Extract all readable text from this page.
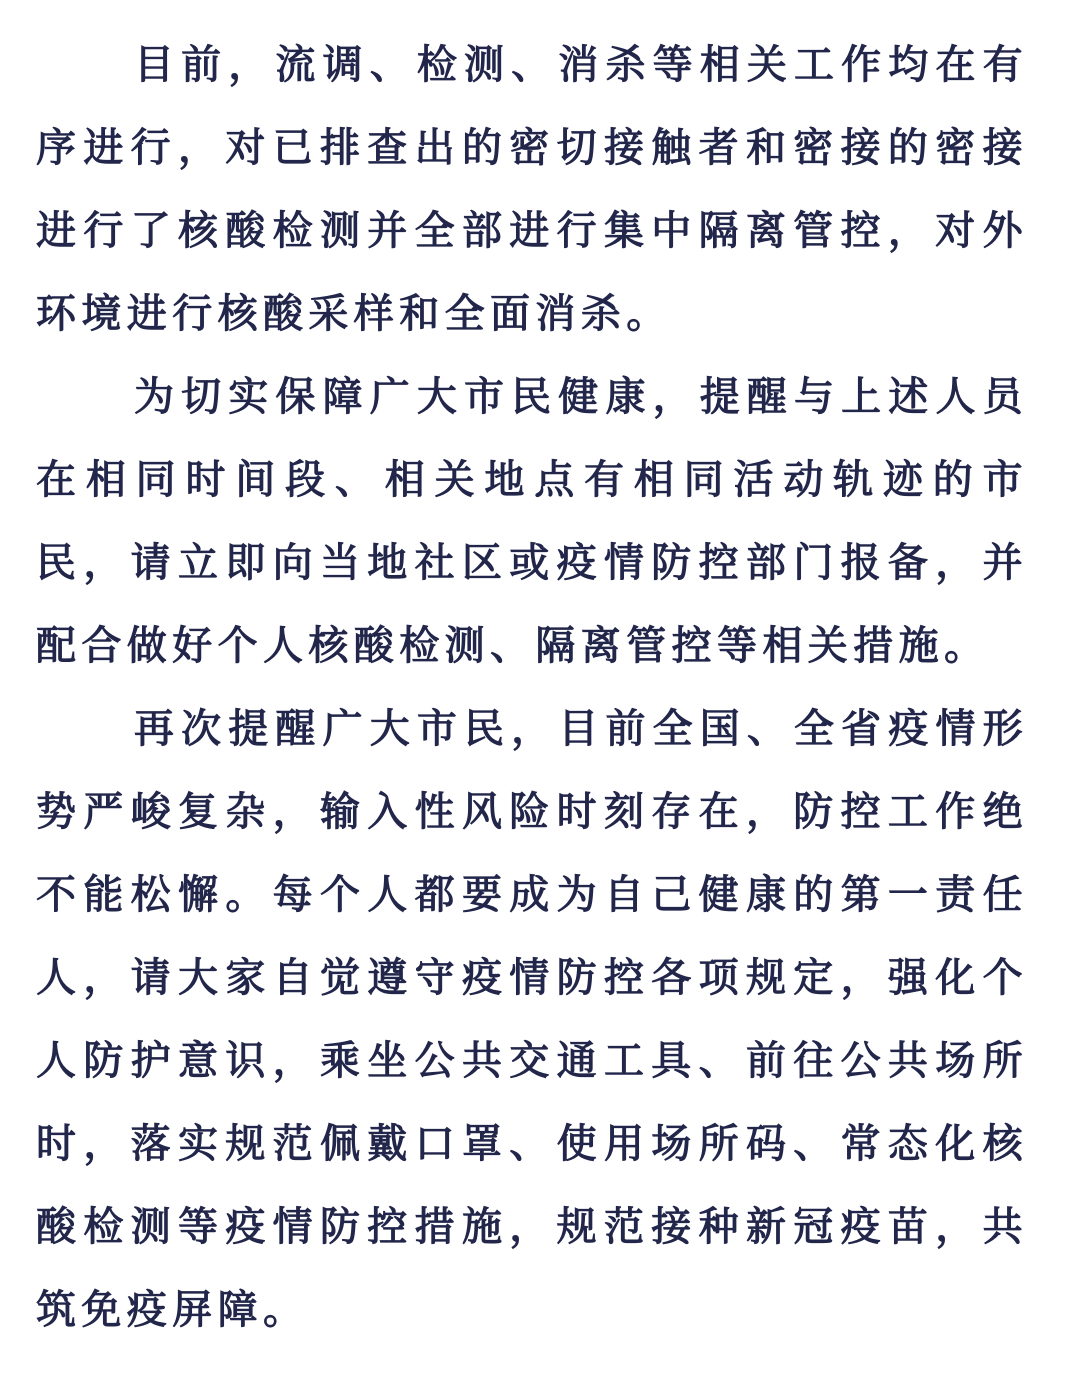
目前，流调、检测、消杀等相关工作均在有序进行，对已排查出的密切接触者和密接的密接进行了核酸检测并全部进行集中隔离管控，对外环境进行核酸采样和全面消杀。

为切实保障广大市民健康，提醒与上述人员在相同时间段、相关地点有相同活动轨迹的市民，请立即向当地社区或疫情防控部门报备，并配合做好个人核酸检测、隔离管控等相关措施。

再次提醒广大市民，目前全国、全省疫情形势严峻复杂，输入性风险时刻存在，防控工作绝不能松懈。每个人都要成为自己健康的第一责任人，请大家自觉遵守疫情防控各项规定，强化个人防护意识，乘坐公共交通工具、前往公共场所时，落实规范佩戴口罩、使用场所码、常态化核酸检测等疫情防控措施，规范接种新冠疫苗，共筑免疫屏障。
